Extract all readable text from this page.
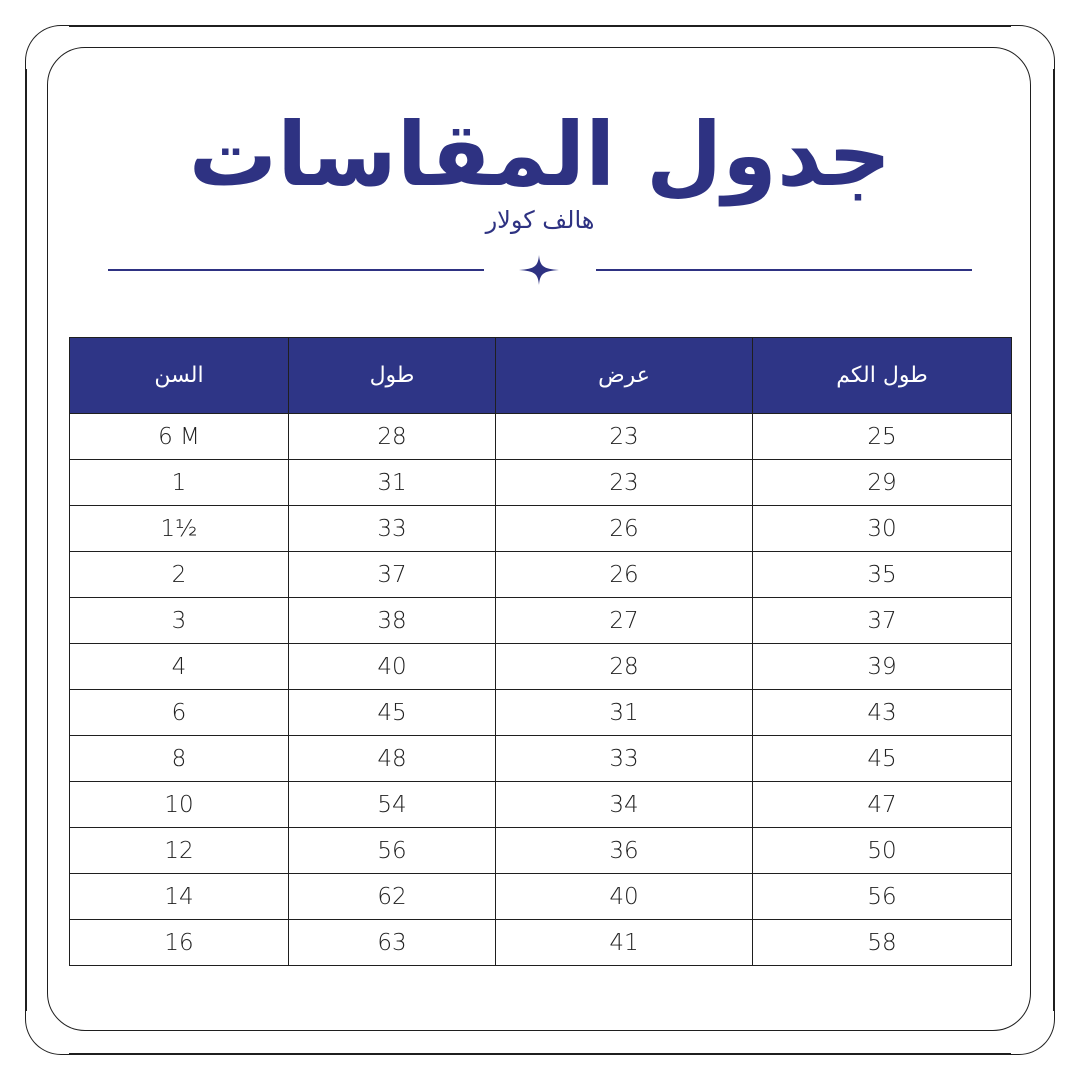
جدول المقاسات
هالف كولار
السن	طول	عرض	طول الكم
6 M	28	23	25
1	31	23	29
1½	33	26	30
2	37	26	35
3	38	27	37
4	40	28	39
6	45	31	43
8	48	33	45
10	54	34	47
12	56	36	50
14	62	40	56
16	63	41	58
